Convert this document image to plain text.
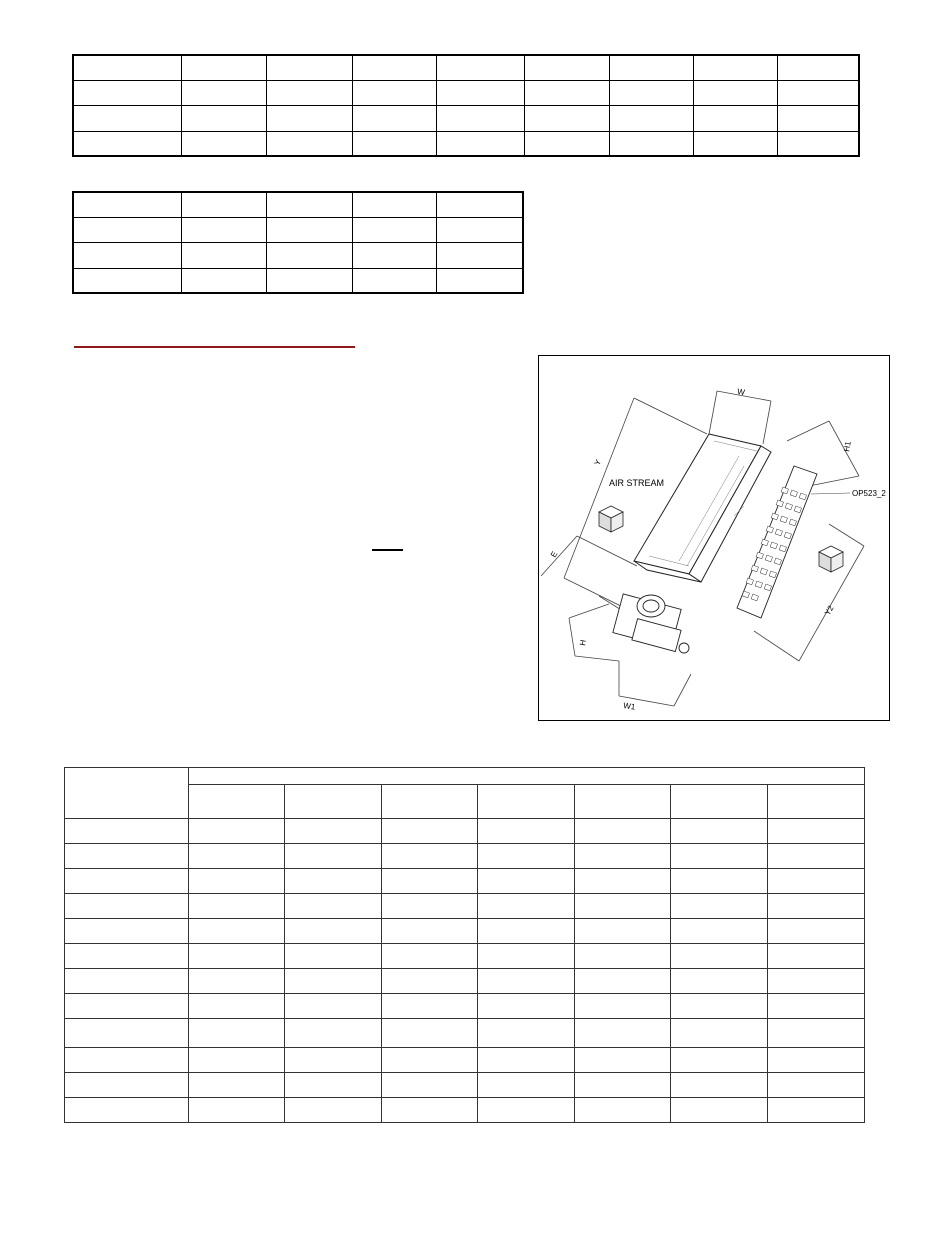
AIR STREAM
OP523_2
W
W1
H
H1
Y
Y2
E
